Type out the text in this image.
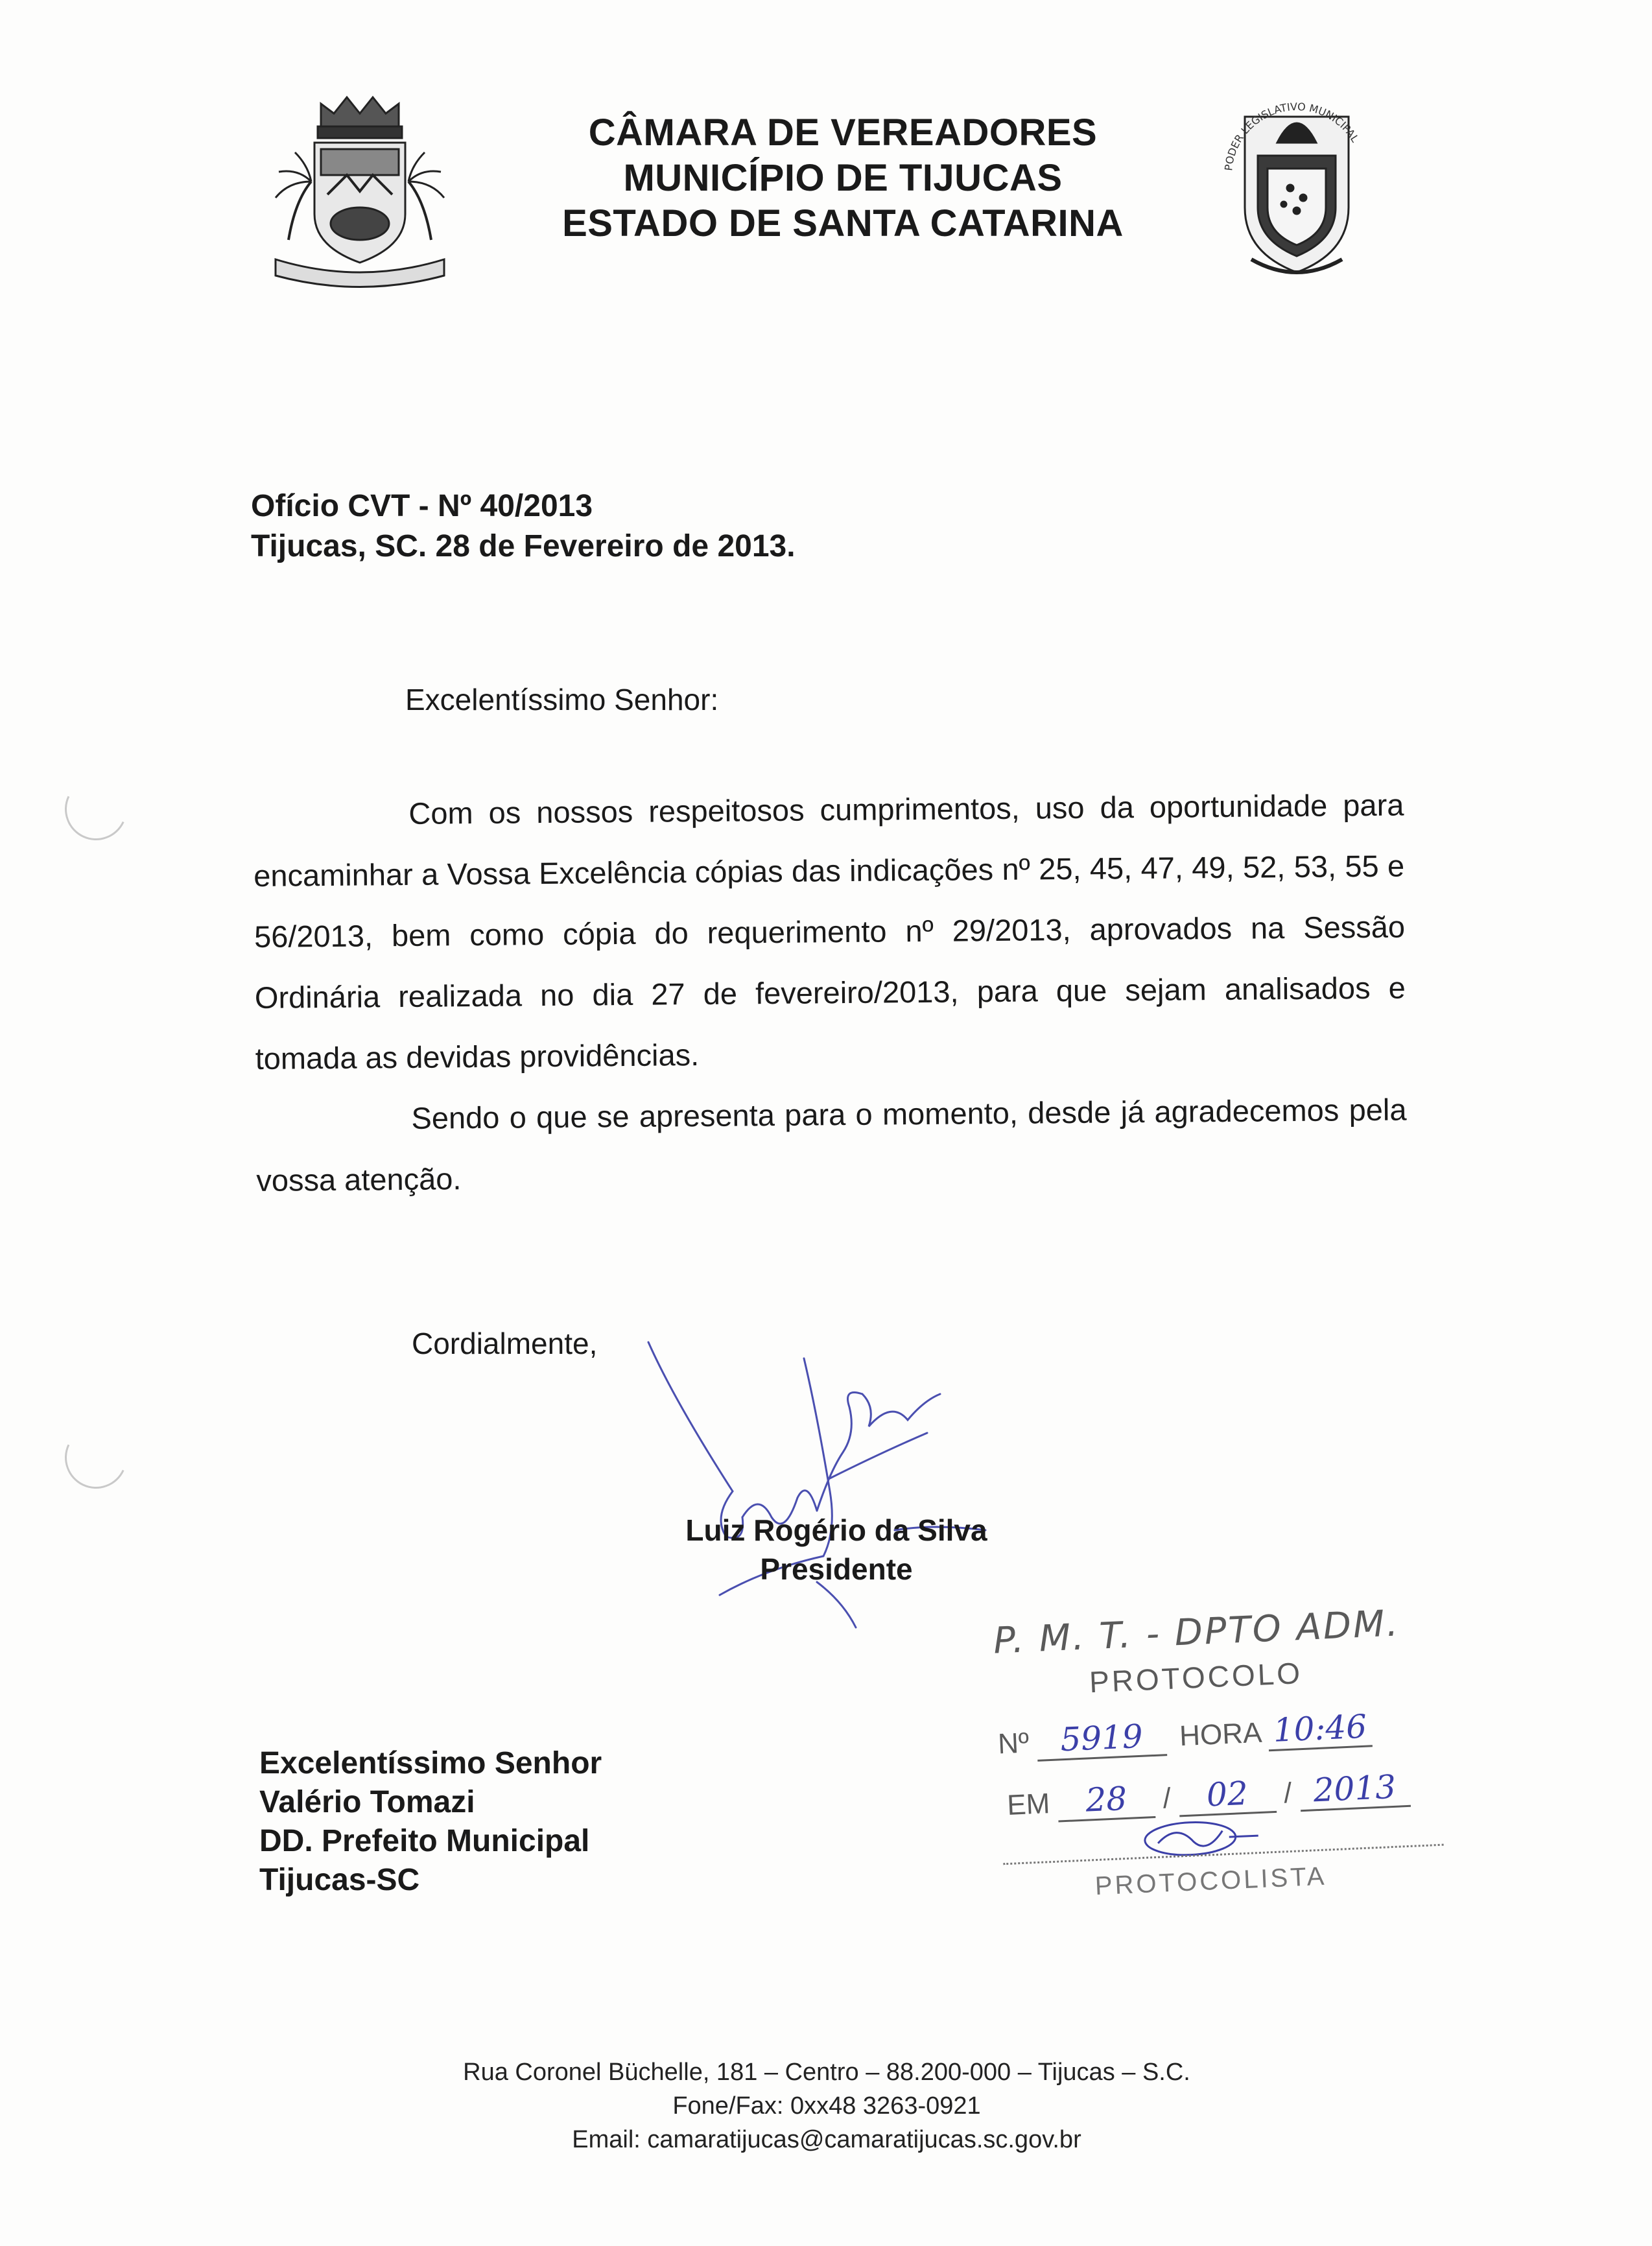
CÂMARA DE VEREADORES
MUNICÍPIO DE TIJUCAS
ESTADO DE SANTA CATARINA
PODER LEGISLATIVO MUNICIPAL
Ofício CVT - Nº 40/2013
Tijucas, SC. 28 de Fevereiro de 2013.
Excelentíssimo Senhor:

Com os nossos respeitosos cumprimentos, uso da oportunidade para encaminhar a Vossa Excelência cópias das indicações nº 25, 45, 47, 49, 52, 53, 55 e 56/2013, bem como cópia do requerimento nº 29/2013, aprovados na Sessão Ordinária realizada no dia 27 de fevereiro/2013, para que sejam analisados e tomada as devidas providências.

Sendo o que se apresenta para o momento, desde já agradecemos pela vossa atenção.

Cordialmente,
Luiz Rogério da Silva
Presidente
Excelentíssimo Senhor
Valério Tomazi
DD. Prefeito Municipal
Tijucas-SC
P. M. T. - DPTO ADM.
PROTOCOLO
Nº 5919 HORA 10:46
EM 28 / 02 / 2013
PROTOCOLISTA
Rua Coronel Büchelle, 181 – Centro – 88.200-000 – Tijucas – S.C.
Fone/Fax: 0xx48 3263-0921
Email: camaratijucas@camaratijucas.sc.gov.br
